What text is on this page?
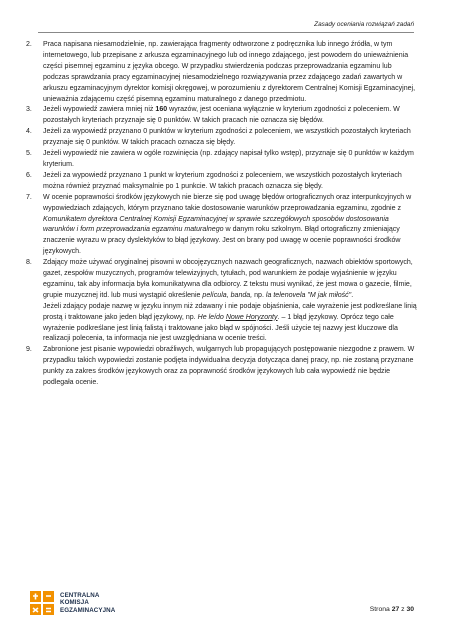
Zasady oceniania rozwiązań zadań
2. Praca napisana niesamodzielnie, np. zawierająca fragmenty odtworzone z podręcznika lub innego źródła, w tym internetowego, lub przepisane z arkusza egzaminacyjnego lub od innego zdającego, jest powodem do unieważnienia części pisemnej egzaminu z języka obcego. W przypadku stwierdzenia podczas przeprowadzania egzaminu lub podczas sprawdzania pracy egzaminacyjnej niesamodzielnego rozwiązywania przez zdającego zadań zawartych w arkuszu egzaminacyjnym dyrektor komisji okręgowej, w porozumieniu z dyrektorem Centralnej Komisji Egzaminacyjnej, unieważnia zdającemu część pisemną egzaminu maturalnego z danego przedmiotu.
3. Jeżeli wypowiedź zawiera mniej niż 160 wyrazów, jest oceniana wyłącznie w kryterium zgodności z poleceniem. W pozostałych kryteriach przyznaje się 0 punktów. W takich pracach nie oznacza się błędów.
4. Jeżeli za wypowiedź przyznano 0 punktów w kryterium zgodności z poleceniem, we wszystkich pozostałych kryteriach przyznaje się 0 punktów. W takich pracach oznacza się błędy.
5. Jeżeli wypowiedź nie zawiera w ogóle rozwinięcia (np. zdający napisał tylko wstęp), przyznaje się 0 punktów w każdym kryterium.
6. Jeżeli za wypowiedź przyznano 1 punkt w kryterium zgodności z poleceniem, we wszystkich pozostałych kryteriach można również przyznać maksymalnie po 1 punkcie. W takich pracach oznacza się błędy.
7. W ocenie poprawności środków językowych nie bierze się pod uwagę błędów ortograficznych oraz interpunkcyjnych w wypowiedziach zdających, którym przyznano takie dostosowanie warunków przeprowadzania egzaminu, zgodnie z Komunikatem dyrektora Centralnej Komisji Egzaminacyjnej w sprawie szczegółowych sposobów dostosowania warunków i form przeprowadzania egzaminu maturalnego w danym roku szkolnym. Błąd ortograficzny zmieniający znaczenie wyrazu w pracy dyslektyków to błąd językowy. Jest on brany pod uwagę w ocenie poprawności środków językowych.
8. Zdający może używać oryginalnej pisowni w obcojęzycznych nazwach geograficznych, nazwach obiektów sportowych, gazet, zespołów muzycznych, programów telewizyjnych, tytułach, pod warunkiem że podaje wyjaśnienie w języku egzaminu, tak aby informacja była komunikatywna dla odbiorcy. Z tekstu musi wynikać, że jest mowa o gazecie, filmie, grupie muzycznej itd. lub musi wystąpić określenie película, banda, np. la telenovela "M jak miłość".
Jeżeli zdający podaje nazwę w języku innym niż zdawany i nie podaje objaśnienia, całe wyrażenie jest podkreślane linią prostą i traktowane jako jeden błąd językowy, np. He leído Nowe Horyzonty. – 1 błąd językowy. Oprócz tego całe wyrażenie podkreślane jest linią falistą i traktowane jako błąd w spójności. Jeśli użycie tej nazwy jest kluczowe dla realizacji polecenia, ta informacja nie jest uwzględniana w ocenie treści.
9. Zabronione jest pisanie wypowiedzi obraźliwych, wulgarnych lub propagujących postępowanie niezgodne z prawem. W przypadku takich wypowiedzi zostanie podjęta indywidualna decyzja dotycząca danej pracy, np. nie zostaną przyznane punkty za zakres środków językowych oraz za poprawność środków językowych lub cała wypowiedź nie będzie podlegała ocenie.
CENTRALNA
KOMISJA
EGZAMINACYJNA	Strona 27 z 30
